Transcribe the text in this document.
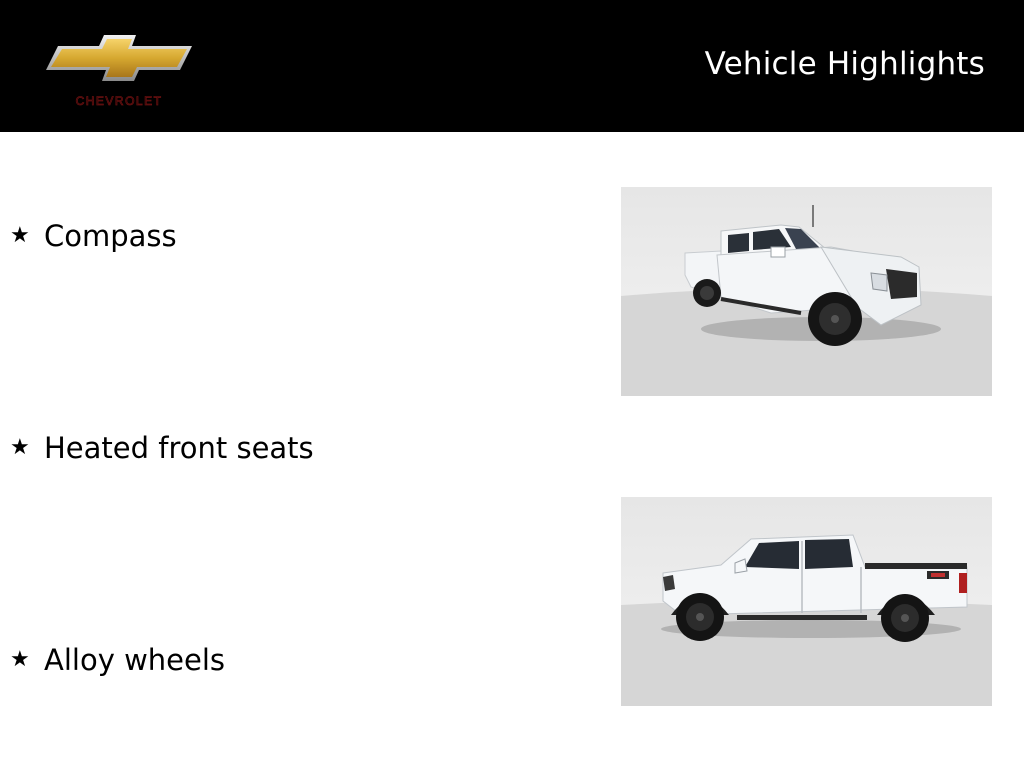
CHEVROLET
Vehicle Highlights
★ Compass
★ Heated front seats
★ Alloy wheels
